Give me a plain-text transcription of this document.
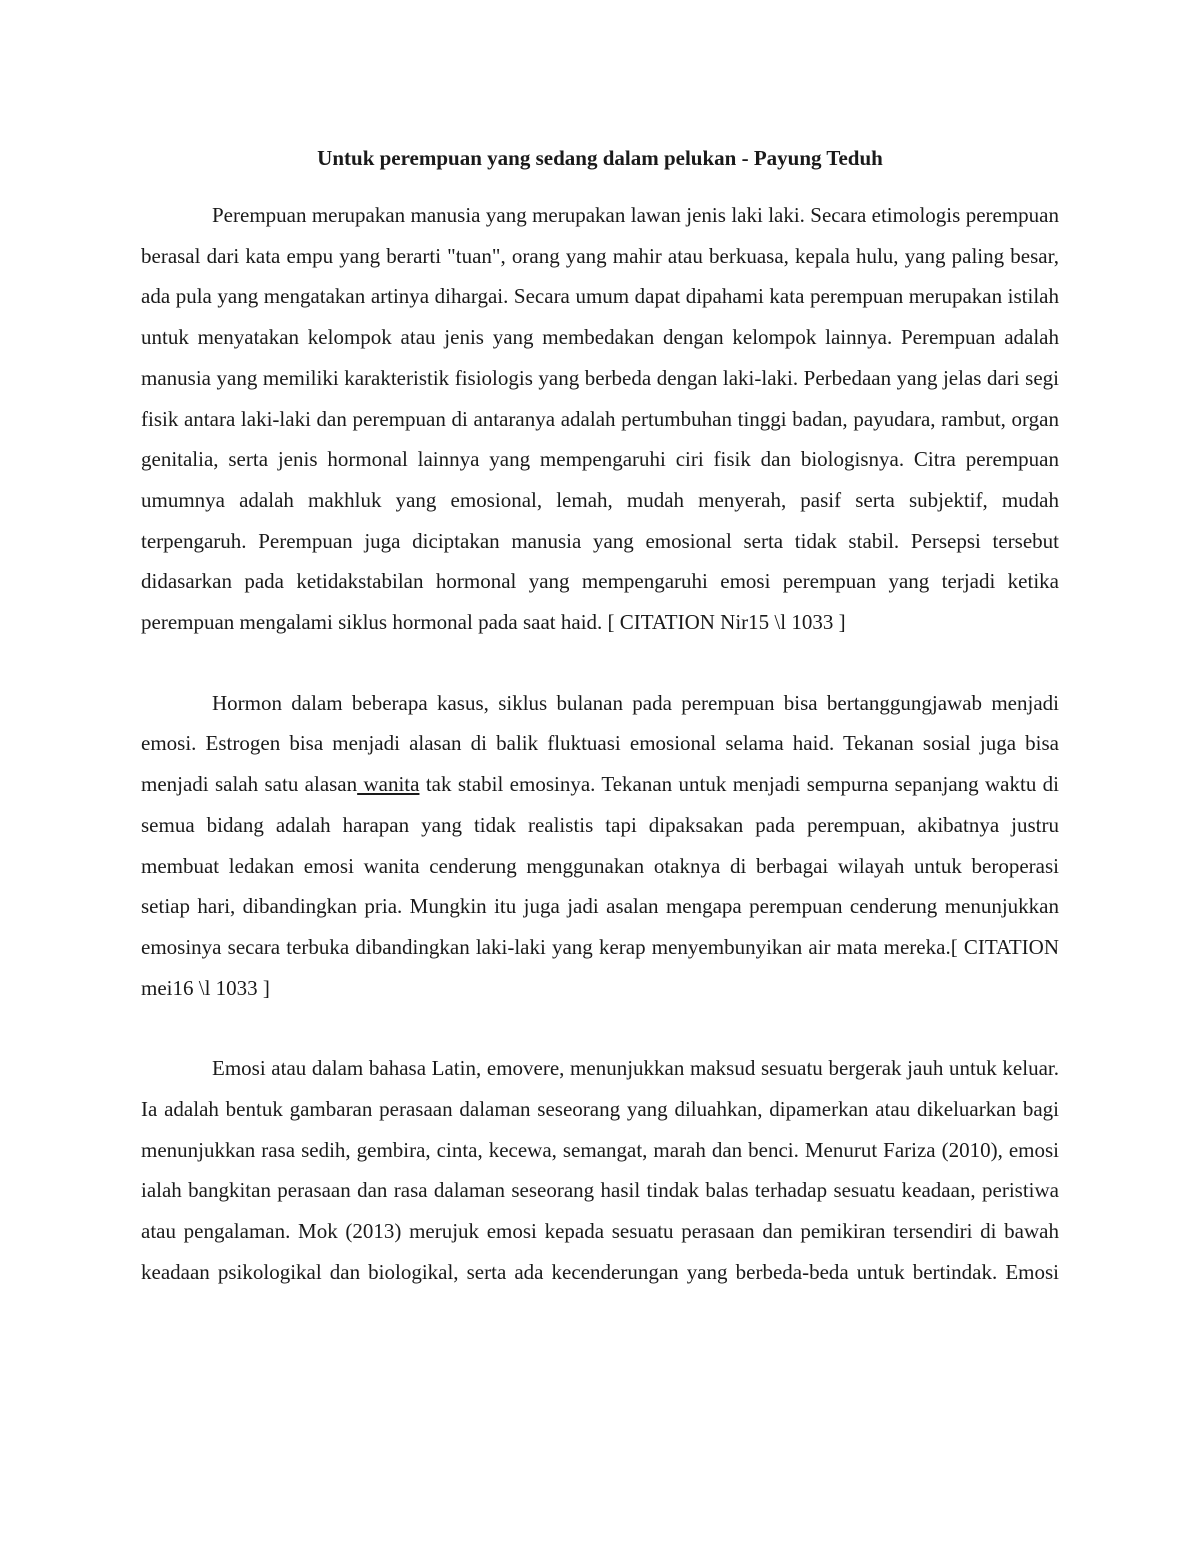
Untuk perempuan yang sedang dalam pelukan - Payung Teduh

Perempuan merupakan manusia yang merupakan lawan jenis laki laki. Secara etimologis perempuan berasal dari kata empu yang berarti "tuan", orang yang mahir atau berkuasa, kepala hulu, yang paling besar, ada pula yang mengatakan artinya dihargai. Secara umum dapat dipahami kata perempuan merupakan istilah untuk menyatakan kelompok atau jenis yang membedakan dengan kelompok lainnya. Perempuan adalah manusia yang memiliki karakteristik fisiologis yang berbeda dengan laki-laki. Perbedaan yang jelas dari segi fisik antara laki-laki dan perempuan di antaranya adalah pertumbuhan tinggi badan, payudara, rambut, organ genitalia, serta jenis hormonal lainnya yang mempengaruhi ciri fisik dan biologisnya. Citra perempuan umumnya adalah makhluk yang emosional, lemah, mudah menyerah, pasif serta subjektif, mudah terpengaruh. Perempuan juga diciptakan manusia yang emosional serta tidak stabil. Persepsi tersebut didasarkan pada ketidakstabilan hormonal yang mempengaruhi emosi perempuan yang terjadi ketika perempuan mengalami siklus hormonal pada saat haid. [ CITATION Nir15 \l 1033 ]

Hormon dalam beberapa kasus, siklus bulanan pada perempuan bisa bertanggungjawab menjadi emosi. Estrogen bisa menjadi alasan di balik fluktuasi emosional selama haid. Tekanan sosial juga bisa menjadi salah satu alasan wanita tak stabil emosinya. Tekanan untuk menjadi sempurna sepanjang waktu di semua bidang adalah harapan yang tidak realistis tapi dipaksakan pada perempuan, akibatnya justru membuat ledakan emosi wanita cenderung menggunakan otaknya di berbagai wilayah untuk beroperasi setiap hari, dibandingkan pria. Mungkin itu juga jadi asalan mengapa perempuan cenderung menunjukkan emosinya secara terbuka dibandingkan laki-laki yang kerap menyembunyikan air mata mereka.[ CITATION mei16 \l 1033 ]

Emosi atau dalam bahasa Latin, emovere, menunjukkan maksud sesuatu bergerak jauh untuk keluar. Ia adalah bentuk gambaran perasaan dalaman seseorang yang diluahkan, dipamerkan atau dikeluarkan bagi menunjukkan rasa sedih, gembira, cinta, kecewa, semangat, marah dan benci. Menurut Fariza (2010), emosi ialah bangkitan perasaan dan rasa dalaman seseorang hasil tindak balas terhadap sesuatu keadaan, peristiwa atau pengalaman. Mok (2013) merujuk emosi kepada sesuatu perasaan dan pemikiran tersendiri di bawah keadaan psikologikal dan biologikal, serta ada kecenderungan yang berbeda-beda untuk bertindak. Emosi
